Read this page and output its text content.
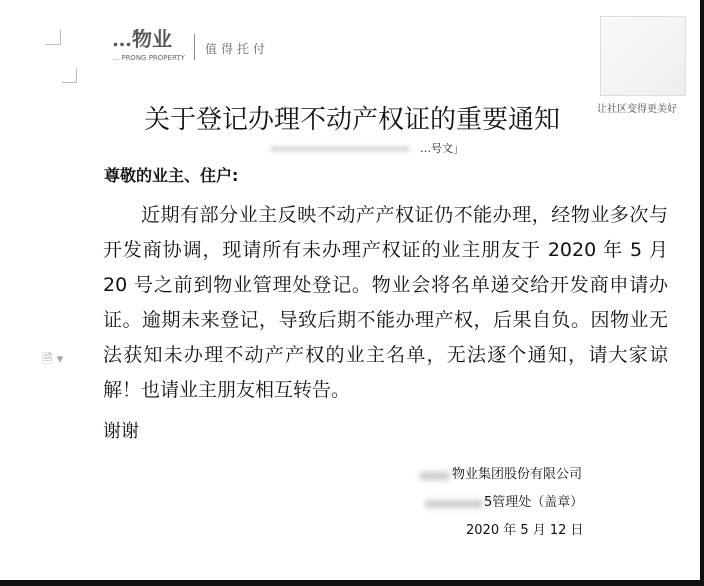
…物业
… PRONG PROPERTY
值得托付
让社区变得更美好
关于登记办理不动产权证的重要通知
…号文」
尊敬的业主、住户:
🗎 ▾

近期有部分业主反映不动产产权证仍不能办理，经物业多次与开发商协调，现请所有未办理产权证的业主朋友于 2020 年 5 月 20 号之前到物业管理处登记。物业会将名单递交给开发商申请办证。逾期未来登记，导致后期不能办理产权，后果自负。因物业无法获知未办理不动产产权的业主名单，无法逐个通知，请大家谅解！也请业主朋友相互转告。

谢谢
物业集团股份有限公司
5管理处（盖章）
2020 年 5 月 12 日
